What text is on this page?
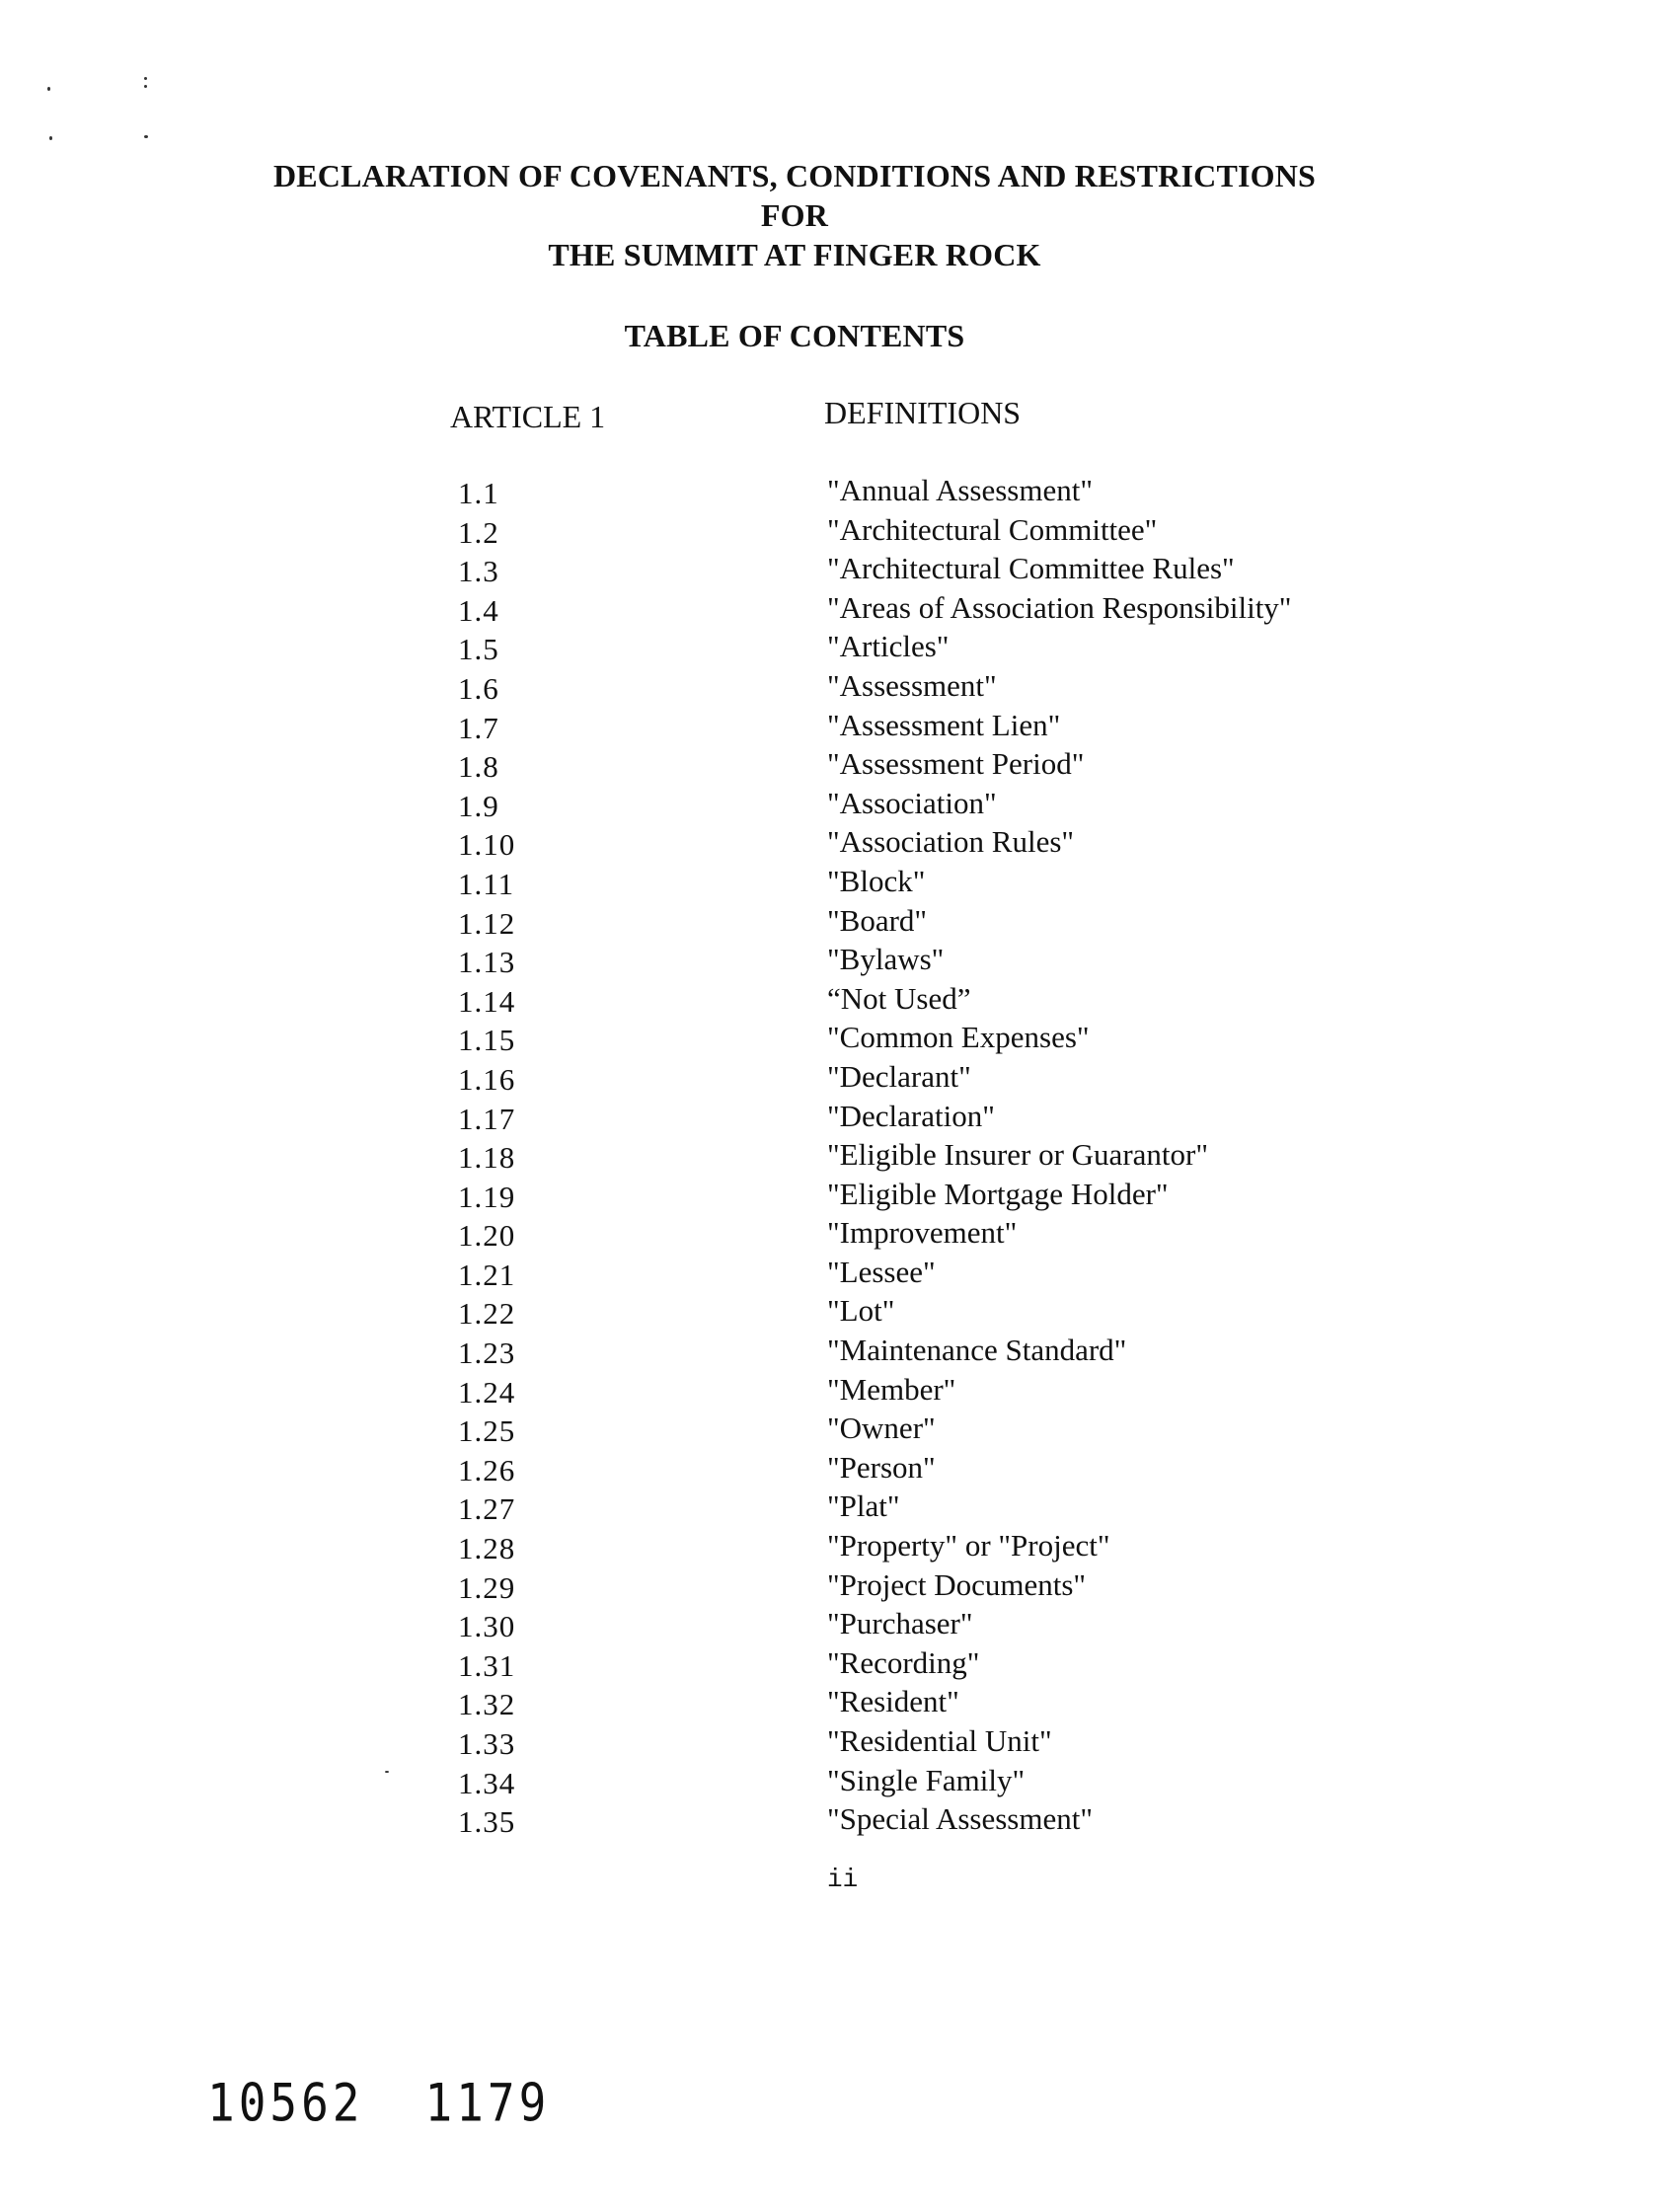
DECLARATION OF COVENANTS, CONDITIONS AND RESTRICTIONS
FOR
THE SUMMIT AT FINGER ROCK
TABLE OF CONTENTS
ARTICLE 1	DEFINITIONS
1.1	"Annual Assessment"
1.2	"Architectural Committee"
1.3	"Architectural Committee Rules"
1.4	"Areas of Association Responsibility"
1.5	"Articles"
1.6	"Assessment"
1.7	"Assessment Lien"
1.8	"Assessment Period"
1.9	"Association"
1.10	"Association Rules"
1.11	"Block"
1.12	"Board"
1.13	"Bylaws"
1.14	“Not Used”
1.15	"Common Expenses"
1.16	"Declarant"
1.17	"Declaration"
1.18	"Eligible Insurer or Guarantor"
1.19	"Eligible Mortgage Holder"
1.20	"Improvement"
1.21	"Lessee"
1.22	"Lot"
1.23	"Maintenance Standard"
1.24	"Member"
1.25	"Owner"
1.26	"Person"
1.27	"Plat"
1.28	"Property" or "Project"
1.29	"Project Documents"
1.30	"Purchaser"
1.31	"Recording"
1.32	"Resident"
1.33	"Residential Unit"
1.34	"Single Family"
1.35	"Special Assessment"
ii
10562 1179
